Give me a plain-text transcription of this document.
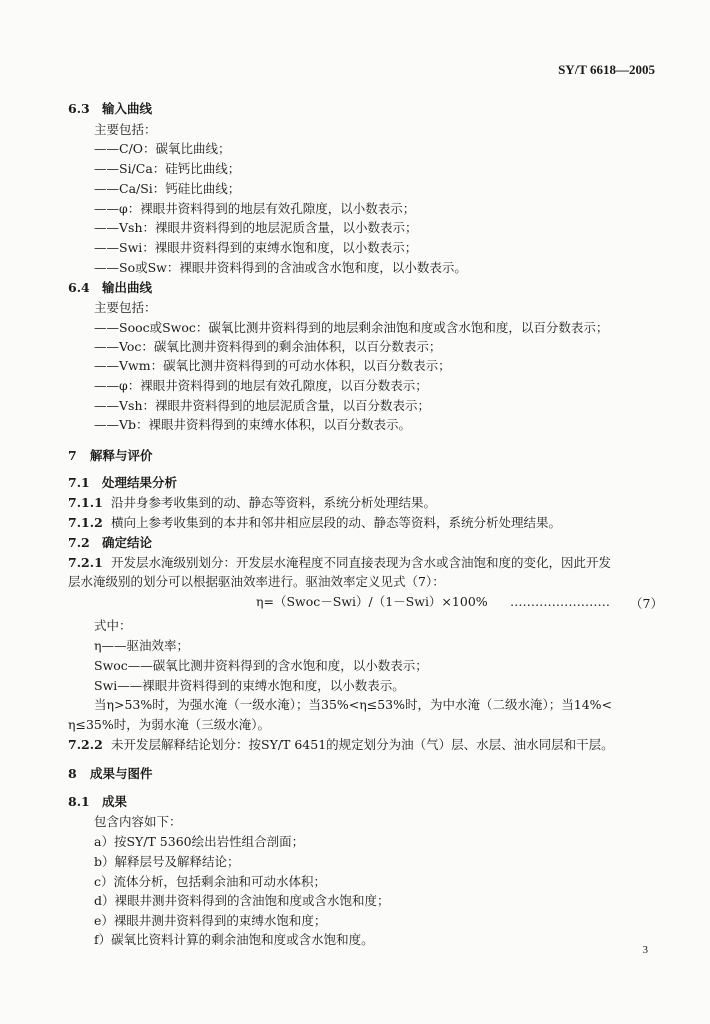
SY/T 6618—2005
6.3 输入曲线
主要包括：
——C/O：碳氧比曲线；
——Si/Ca：硅钙比曲线；
——Ca/Si：钙硅比曲线；
——φ：裸眼井资料得到的地层有效孔隙度，以小数表示；
——Vsh：裸眼井资料得到的地层泥质含量，以小数表示；
——Swi：裸眼井资料得到的束缚水饱和度，以小数表示；
——So或Sw：裸眼井资料得到的含油或含水饱和度，以小数表示。
6.4 输出曲线
主要包括：
——Sooc或Swoc：碳氧比测井资料得到的地层剩余油饱和度或含水饱和度，以百分数表示；
——Voc：碳氧比测井资料得到的剩余油体积，以百分数表示；
——Vwm：碳氧比测井资料得到的可动水体积，以百分数表示；
——φ：裸眼井资料得到的地层有效孔隙度，以百分数表示；
——Vsh：裸眼井资料得到的地层泥质含量，以百分数表示；
——Vb：裸眼井资料得到的束缚水体积，以百分数表示。
7 解释与评价
7.1 处理结果分析
7.1.1 沿井身参考收集到的动、静态等资料，系统分析处理结果。
7.1.2 横向上参考收集到的本井和邻井相应层段的动、静态等资料，系统分析处理结果。
7.2 确定结论
7.2.1 开发层水淹级别划分：开发层水淹程度不同直接表现为含水或含油饱和度的变化，因此开发
层水淹级别的划分可以根据驱油效率进行。驱油效率定义见式（7）：
η=（Swoc－Swi）/（1－Swi）×100% …………………… （7）
式中：
η——驱油效率；
Swoc——碳氧比测井资料得到的含水饱和度，以小数表示；
Swi——裸眼井资料得到的束缚水饱和度，以小数表示。
当η>53%时，为强水淹（一级水淹）；当35%<η≤53%时，为中水淹（二级水淹）；当14%<
η≤35%时，为弱水淹（三级水淹）。
7.2.2 未开发层解释结论划分：按SY/T 6451的规定划分为油（气）层、水层、油水同层和干层。
8 成果与图件
8.1 成果
包含内容如下：
a）按SY/T 5360绘出岩性组合剖面；
b）解释层号及解释结论；
c）流体分析，包括剩余油和可动水体积；
d）裸眼井测井资料得到的含油饱和度或含水饱和度；
e）裸眼井测井资料得到的束缚水饱和度；
f）碳氧比资料计算的剩余油饱和度或含水饱和度。
3
